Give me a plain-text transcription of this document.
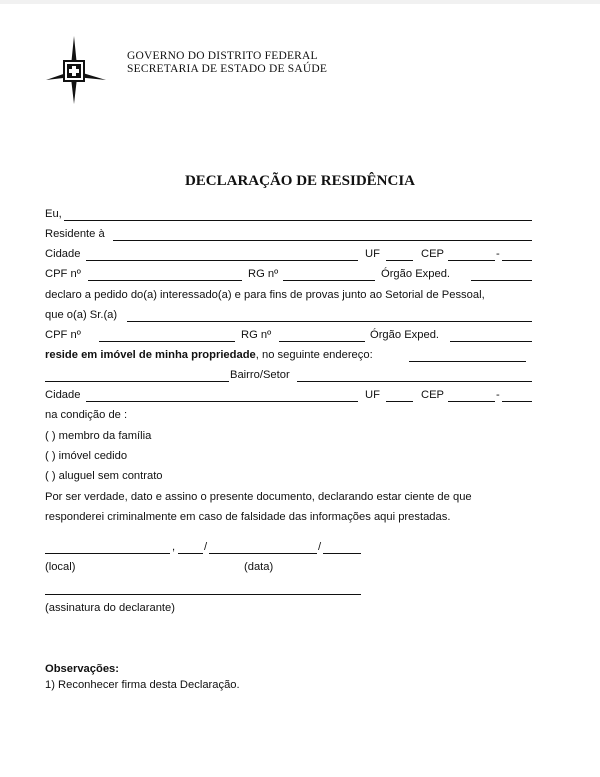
GOVERNO DO DISTRITO FEDERAL
SECRETARIA DE ESTADO DE SAÚDE
DECLARAÇÃO DE RESIDÊNCIA
Eu,
Residente à
Cidade	UF	CEP	-
CPF nº	RG nº	Órgão Exped.
declaro a pedido do(a) interessado(a) e para fins de provas junto ao Setorial de Pessoal,
que o(a) Sr.(a)
CPF nº	RG nº	Órgão Exped.
reside em imóvel de minha propriedade, no seguinte endereço:
Bairro/Setor
Cidade	UF	CEP	-
na condição de :
( ) membro da família
( ) imóvel cedido
( ) aluguel sem contrato
Por ser verdade, dato e assino o presente documento, declarando estar ciente de que
responderei criminalmente em caso de falsidade das informações aqui prestadas.
,	/	/
(local)	(data)
(assinatura do declarante)
Observações:
1) Reconhecer firma desta Declaração.
